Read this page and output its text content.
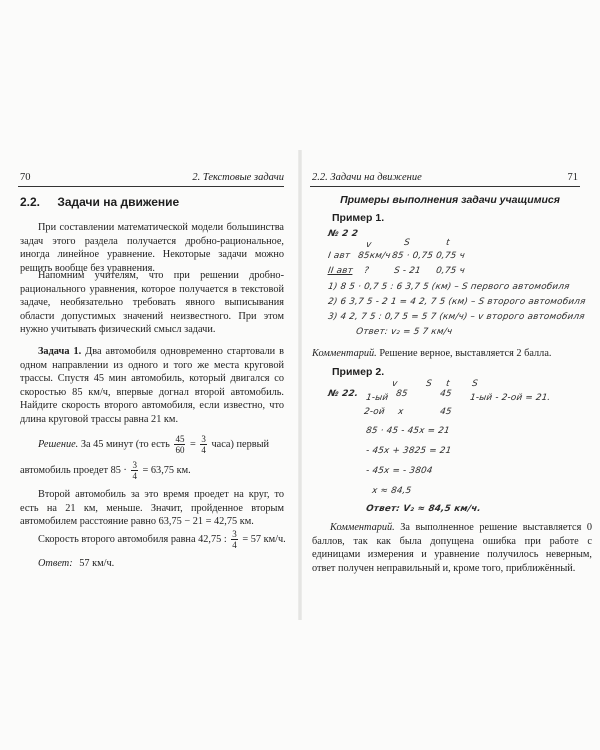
70	2. Текстовые задачи
2.2. Задачи на движение
При составлении математической модели большинства задач этого раздела получается дробно-рациональное, иногда линейное уравнение. Некоторые задачи можно решить вообще без уравнения.
Напомним учителям, что при решении дробно-рационального уравнения, которое получается в текстовой задаче, необязательно требовать явного выписывания области допустимых значений неизвестного. При этом нужно учитывать физический смысл задачи.
Задача 1. Два автомобиля одновременно стартовали в одном направлении из одного и того же места круговой трассы. Спустя 45 мин автомобиль, который двигался со скоростью 85 км/ч, впервые догнал второй автомобиль. Найдите скорость второго автомобиля, если известно, что длина круговой трассы равна 21 км.
Решение. За 45 минут (то есть $\frac{45}{60} = \frac{3}{4}$ часа) первый
автомобиль проедет $85 \cdot \frac{3}{4} = 63,75$ км.
Второй автомобиль за это время проедет на круг, то есть на 21 км, меньше. Значит, пройденное вторым автомобилем расстояние равно 63,75 − 21 = 42,75 км.
Скорость второго автомобиля равна 42,75 : $\frac{3}{4} = 57$ км/ч.
Ответ: 57 км/ч.
2.2. Задачи на движение	71
Примеры выполнения задачи учащимися
Пример 1.
№ 2 2
v	S	t
I авт 85км/ч 85 · 0,75 0,75 ч
II авт ?	S - 21 0,75 ч
1) 8 5 · 0,7 5 : 6 3,7 5 (км) – S первого автомобиля
2) 6 3,7 5 - 2 1 = 4 2, 7 5 (км) – S второго автомобиля
3) 4 2, 7 5 : 0,7 5 = 5 7 (км/ч) – v второго автомобиля
Ответ: v₂ = 5 7 км/ч
Комментарий. Решение верное, выставляется 2 балла.
Пример 2.
v	S t S
№ 22. 1-ый 85	45 1-ый - 2-ой = 21.
2-ой x	45
85 · 45 - 45x = 21
- 45x + 3825 = 21
- 45x = - 3804
x ≈ 84,5
Ответ: V₂ ≈ 84,5 км/ч.
Комментарий. За выполненное решение выставляется 0 баллов, так как была допущена ошибка при работе с единицами измерения и уравнение получилось неверным, ответ получен неправильный и, кроме того, приближённый.
